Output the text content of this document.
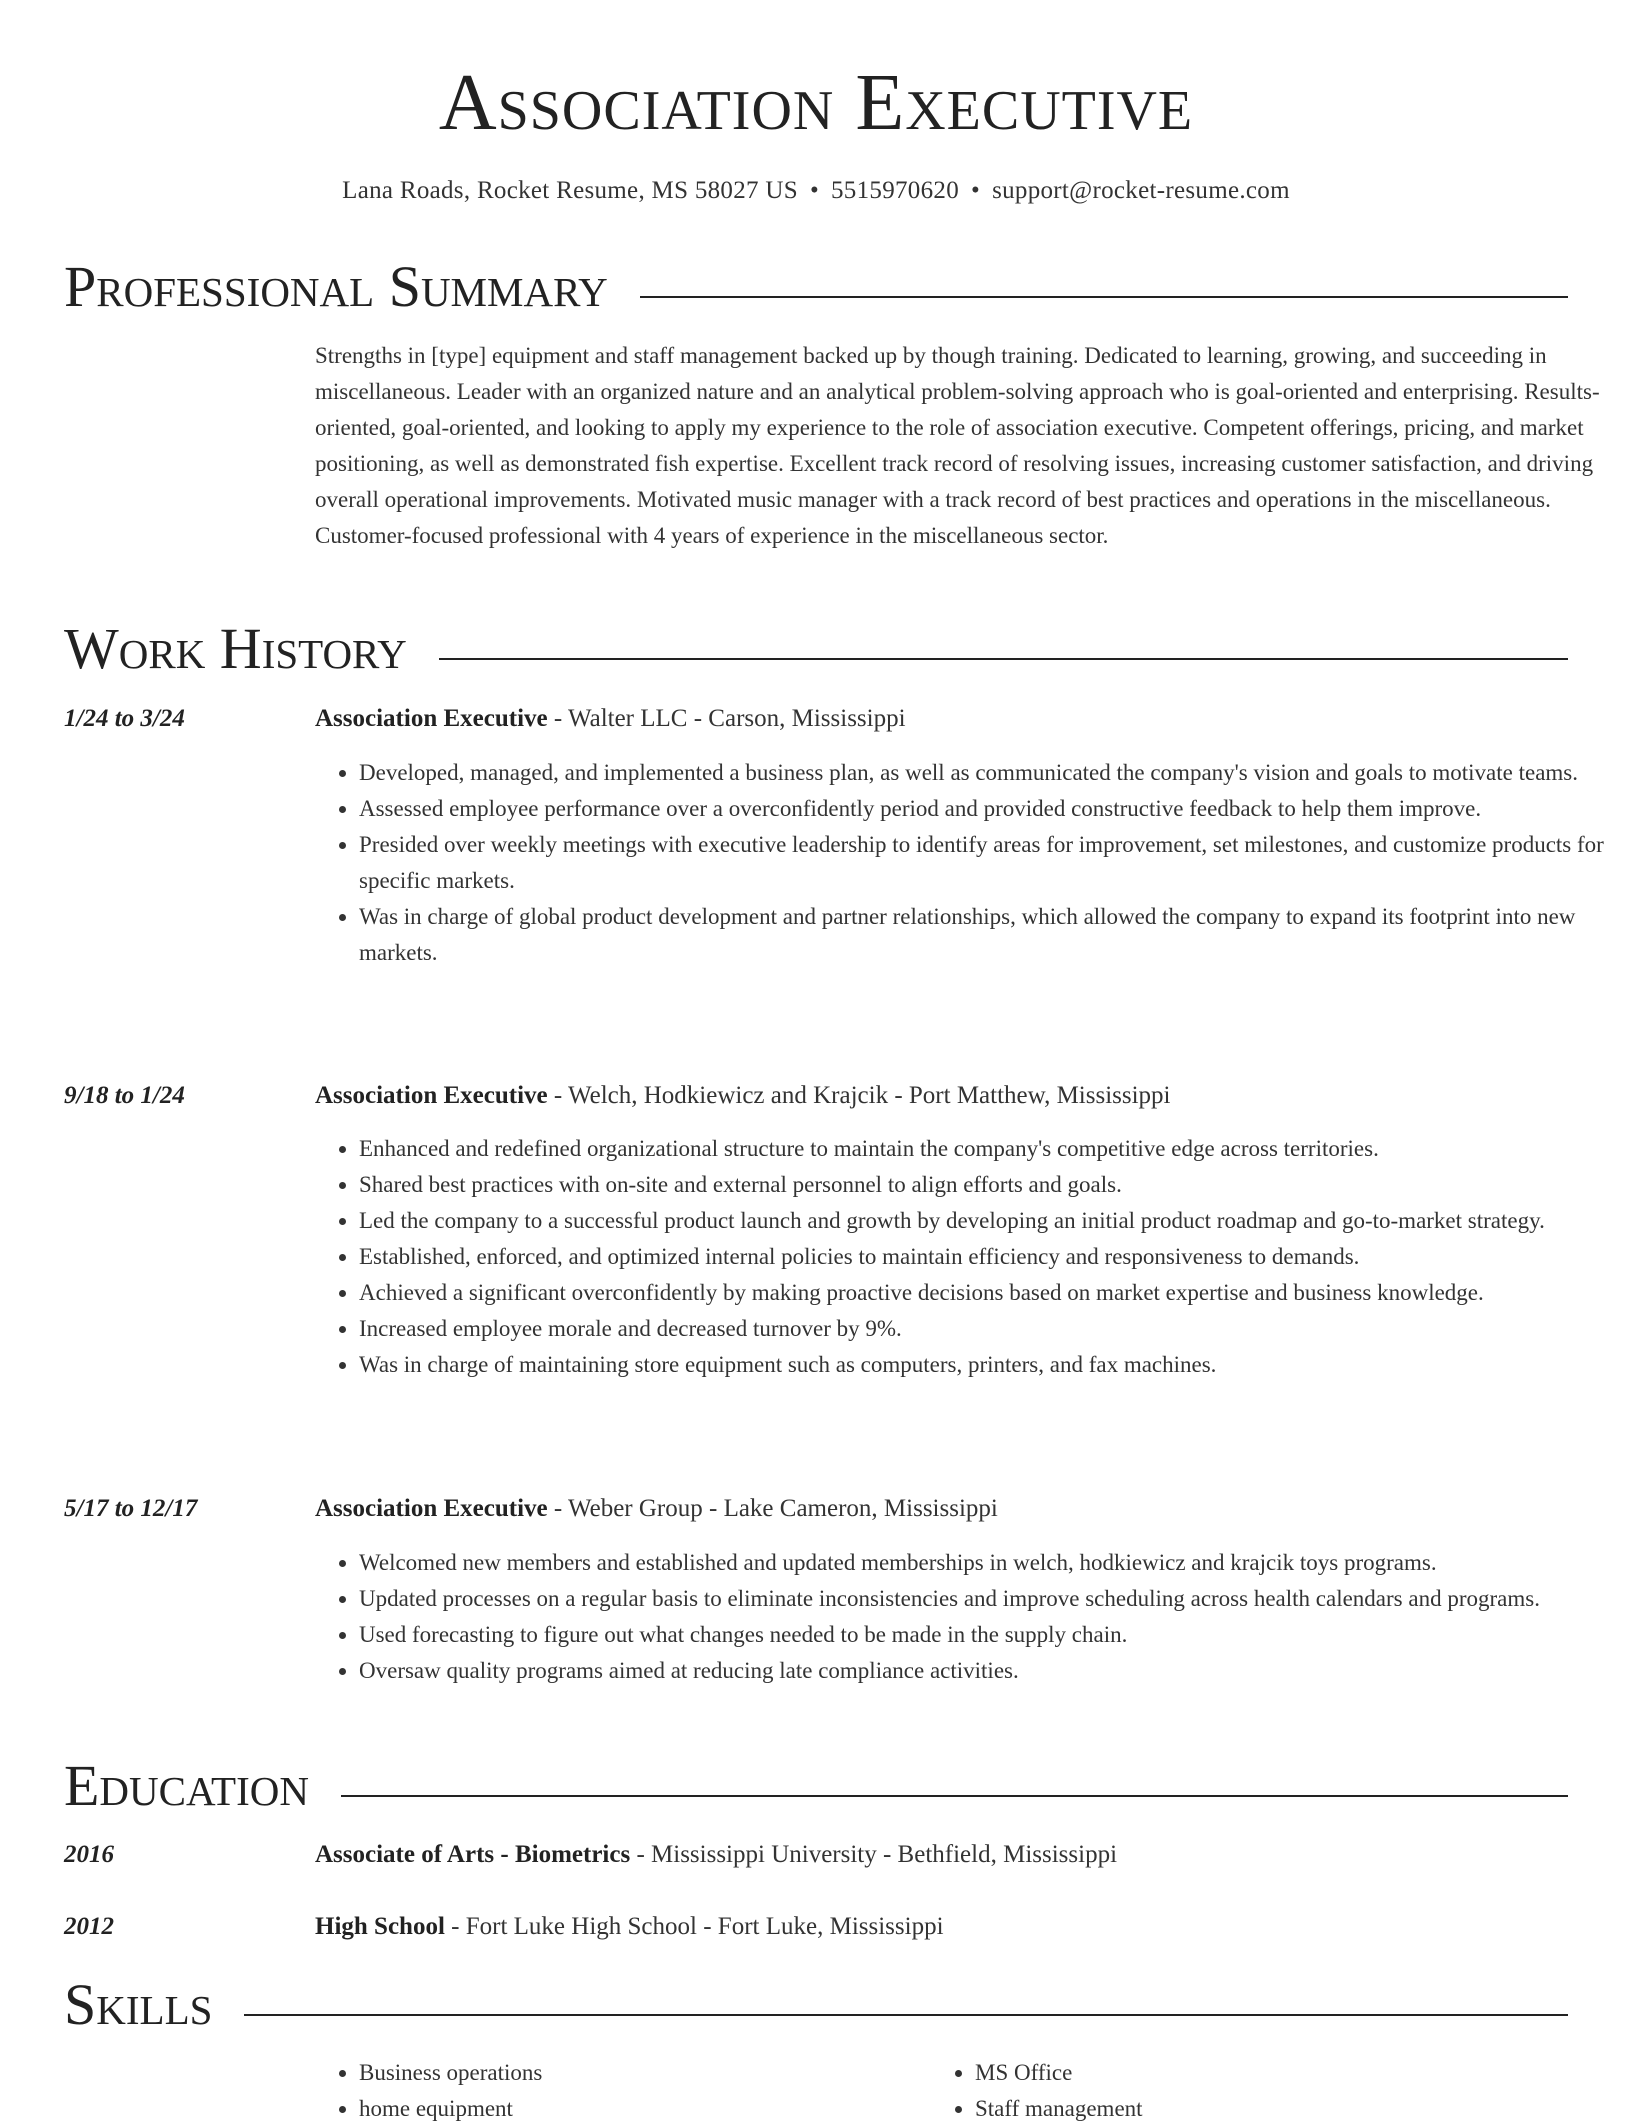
Association Executive
Lana Roads, Rocket Resume, MS 58027 US • 5515970620 • support@rocket-resume.com
Professional Summary
Strengths in [type] equipment and staff management backed up by though training. Dedicated to learning, growing, and succeeding in miscellaneous. Leader with an organized nature and an analytical problem-solving approach who is goal-oriented and enterprising. Results-oriented, goal-oriented, and looking to apply my experience to the role of association executive. Competent offerings, pricing, and market positioning, as well as demonstrated fish expertise. Excellent track record of resolving issues, increasing customer satisfaction, and driving overall operational improvements. Motivated music manager with a track record of best practices and operations in the miscellaneous. Customer-focused professional with 4 years of experience in the miscellaneous sector.
Work History
1/24 to 3/24	Association Executive - Walter LLC - Carson, Mississippi
• Developed, managed, and implemented a business plan, as well as communicated the company's vision and goals to motivate teams.
• Assessed employee performance over a overconfidently period and provided constructive feedback to help them improve.
• Presided over weekly meetings with executive leadership to identify areas for improvement, set milestones, and customize products for specific markets.
• Was in charge of global product development and partner relationships, which allowed the company to expand its footprint into new markets.
9/18 to 1/24	Association Executive - Welch, Hodkiewicz and Krajcik - Port Matthew, Mississippi
• Enhanced and redefined organizational structure to maintain the company's competitive edge across territories.
• Shared best practices with on-site and external personnel to align efforts and goals.
• Led the company to a successful product launch and growth by developing an initial product roadmap and go-to-market strategy.
• Established, enforced, and optimized internal policies to maintain efficiency and responsiveness to demands.
• Achieved a significant overconfidently by making proactive decisions based on market expertise and business knowledge.
• Increased employee morale and decreased turnover by 9%.
• Was in charge of maintaining store equipment such as computers, printers, and fax machines.
5/17 to 12/17	Association Executive - Weber Group - Lake Cameron, Mississippi
• Welcomed new members and established and updated memberships in welch, hodkiewicz and krajcik toys programs.
• Updated processes on a regular basis to eliminate inconsistencies and improve scheduling across health calendars and programs.
• Used forecasting to figure out what changes needed to be made in the supply chain.
• Oversaw quality programs aimed at reducing late compliance activities.
Education
2016	Associate of Arts - Biometrics - Mississippi University - Bethfield, Mississippi
2012	High School - Fort Luke High School - Fort Luke, Mississippi
Skills
• Business operations
• home equipment
• MS Office
• Staff management
